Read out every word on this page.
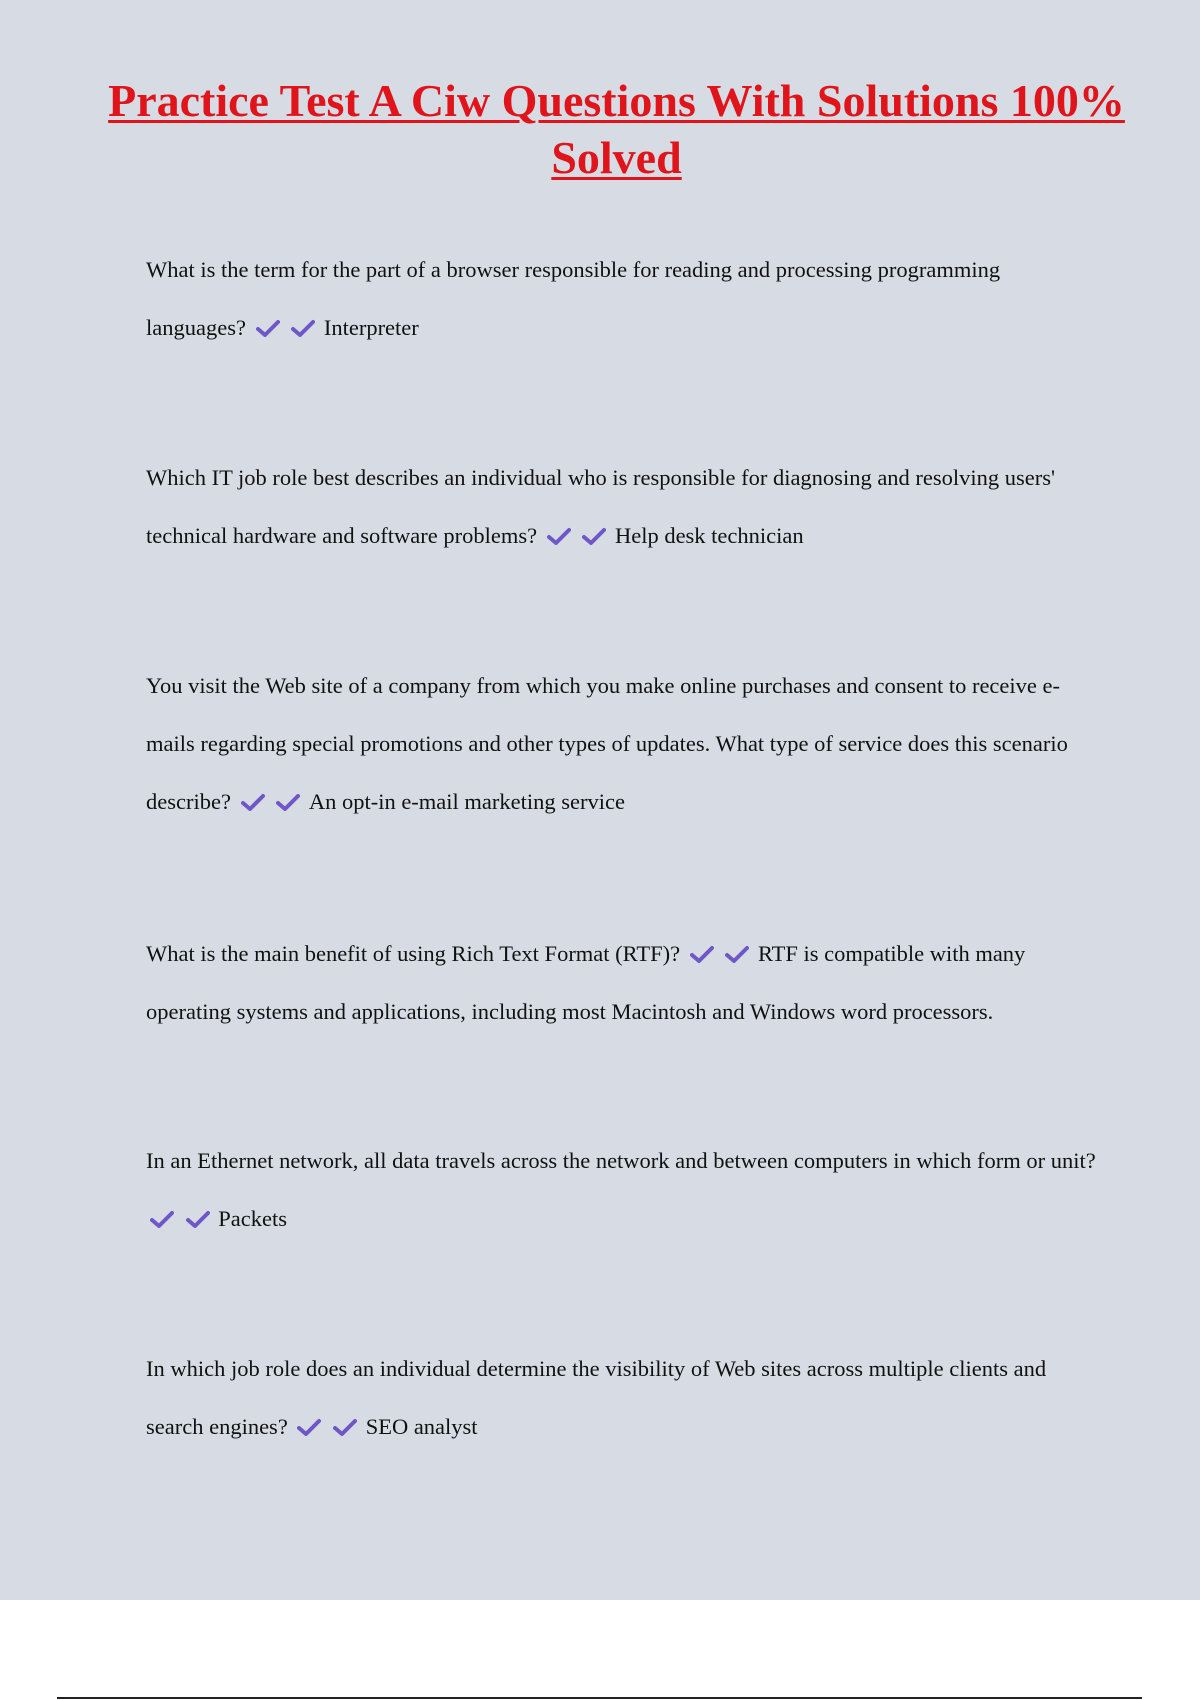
Practice Test A Ciw Questions With Solutions 100% Solved

What is the term for the part of a browser responsible for reading and processing programming languages?	Interpreter

Which IT job role best describes an individual who is responsible for diagnosing and resolving users' technical hardware and software problems?	Help desk technician

You visit the Web site of a company from which you make online purchases and consent to receive e-mails regarding special promotions and other types of updates. What type of service does this scenario describe?	An opt-in e-mail marketing service

What is the main benefit of using Rich Text Format (RTF)?	RTF is compatible with many operating systems and applications, including most Macintosh and Windows word processors.

In an Ethernet network, all data travels across the network and between computers in which form or unit?   Packets

In which job role does an individual determine the visibility of Web sites across multiple clients and search engines?	SEO analyst
